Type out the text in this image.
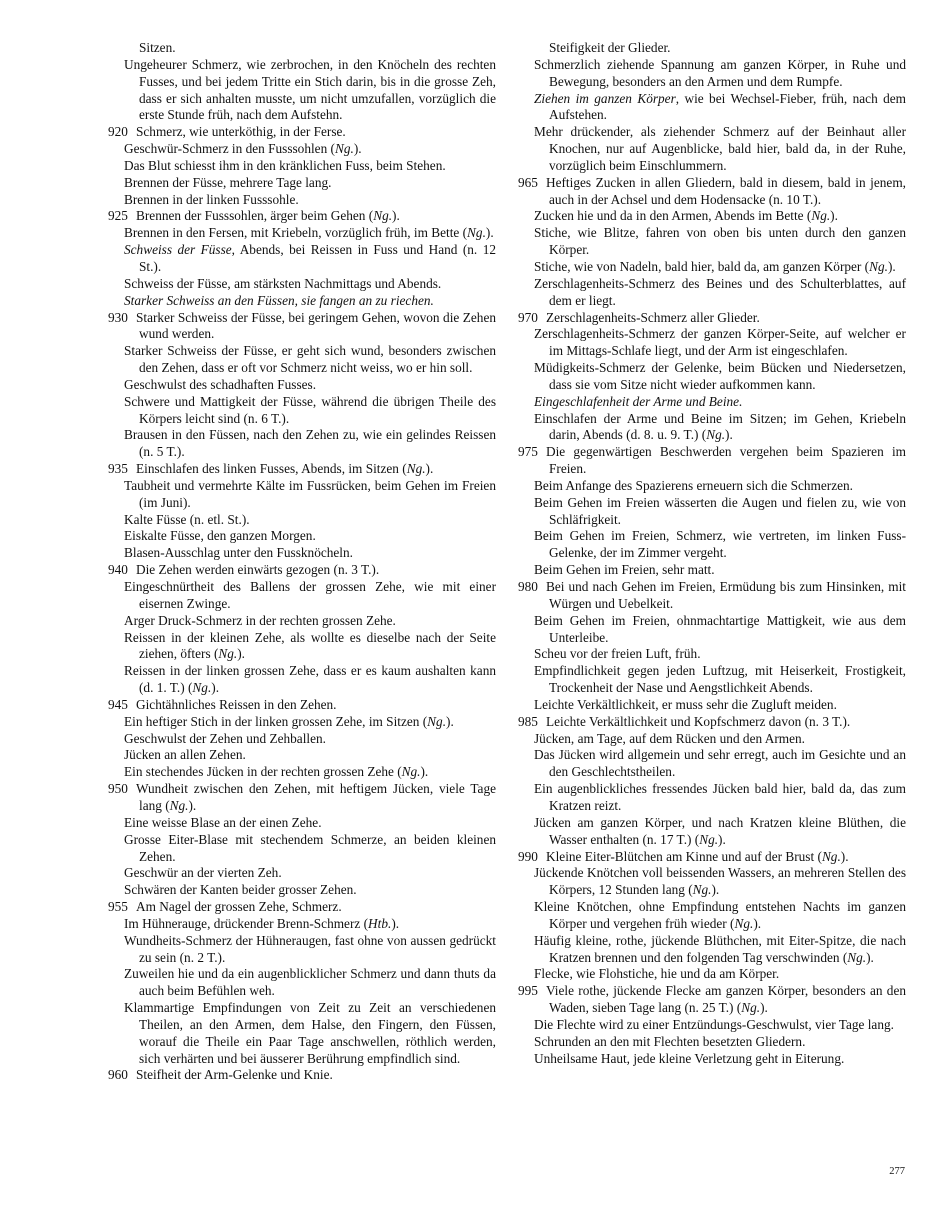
Sitzen.
Ungeheurer Schmerz, wie zerbrochen, in den Knöcheln des rechten Fusses, und bei jedem Tritte ein Stich darin, bis in die grosse Zeh, dass er sich anhalten musste, um nicht umzufallen, vorzüglich die erste Stunde früh, nach dem Aufstehn.
920 Schmerz, wie unterköthig, in der Ferse.
Geschwür-Schmerz in den Fusssohlen (Ng.).
Das Blut schiesst ihm in den kränklichen Fuss, beim Stehen.
Brennen der Füsse, mehrere Tage lang.
Brennen in der linken Fusssohle.
925 Brennen der Fusssohlen, ärger beim Gehen (Ng.).
Brennen in den Fersen, mit Kriebeln, vorzüglich früh, im Bette (Ng.).
Schweiss der Füsse, Abends, bei Reissen in Fuss und Hand (n. 12 St.).
Schweiss der Füsse, am stärksten Nachmittags und Abends.
Starker Schweiss an den Füssen, sie fangen an zu riechen.
930 Starker Schweiss der Füsse, bei geringem Gehen, wovon die Zehen wund werden.
Starker Schweiss der Füsse, er geht sich wund, besonders zwischen den Zehen, dass er oft vor Schmerz nicht weiss, wo er hin soll.
Geschwulst des schadhaften Fusses.
Schwere und Mattigkeit der Füsse, während die übrigen Theile des Körpers leicht sind (n. 6 T.).
Brausen in den Füssen, nach den Zehen zu, wie ein gelindes Reissen (n. 5 T.).
935 Einschlafen des linken Fusses, Abends, im Sitzen (Ng.).
Taubheit und vermehrte Kälte im Fussrücken, beim Gehen im Freien (im Juni).
Kalte Füsse (n. etl. St.).
Eiskalte Füsse, den ganzen Morgen.
Blasen-Ausschlag unter den Fussknöcheln.
940 Die Zehen werden einwärts gezogen (n. 3 T.).
Eingeschnürtheit des Ballens der grossen Zehe, wie mit einer eisernen Zwinge.
Arger Druck-Schmerz in der rechten grossen Zehe.
Reissen in der kleinen Zehe, als wollte es dieselbe nach der Seite ziehen, öfters (Ng.).
Reissen in der linken grossen Zehe, dass er es kaum aushalten kann (d. 1. T.) (Ng.).
945 Gichtähnliches Reissen in den Zehen.
Ein heftiger Stich in der linken grossen Zehe, im Sitzen (Ng.).
Geschwulst der Zehen und Zehballen.
Jücken an allen Zehen.
Ein stechendes Jücken in der rechten grossen Zehe (Ng.).
950 Wundheit zwischen den Zehen, mit heftigem Jücken, viele Tage lang (Ng.).
Eine weisse Blase an der einen Zehe.
Grosse Eiter-Blase mit stechendem Schmerze, an beiden kleinen Zehen.
Geschwür an der vierten Zeh.
Schwären der Kanten beider grosser Zehen.
955 Am Nagel der grossen Zehe, Schmerz.
Im Hühnerauge, drückender Brenn-Schmerz (Htb.).
Wundheits-Schmerz der Hühneraugen, fast ohne von aussen gedrückt zu sein (n. 2 T.).
Zuweilen hie und da ein augenblicklicher Schmerz und dann thuts da auch beim Befühlen weh.
Klammartige Empfindungen von Zeit zu Zeit an verschiedenen Theilen, an den Armen, dem Halse, den Fingern, den Füssen, worauf die Theile ein Paar Tage anschwellen, röthlich werden, sich verhärten und bei äusserer Berührung empfindlich sind.
960 Steifheit der Arm-Gelenke und Knie.
Steifigkeit der Glieder.
Schmerzlich ziehende Spannung am ganzen Körper, in Ruhe und Bewegung, besonders an den Armen und dem Rumpfe.
Ziehen im ganzen Körper, wie bei Wechsel-Fieber, früh, nach dem Aufstehen.
Mehr drückender, als ziehender Schmerz auf der Beinhaut aller Knochen, nur auf Augenblicke, bald hier, bald da, in der Ruhe, vorzüglich beim Einschlummern.
965 Heftiges Zucken in allen Gliedern, bald in diesem, bald in jenem, auch in der Achsel und dem Hodensacke (n. 10 T.).
Zucken hie und da in den Armen, Abends im Bette (Ng.).
Stiche, wie Blitze, fahren von oben bis unten durch den ganzen Körper.
Stiche, wie von Nadeln, bald hier, bald da, am ganzen Körper (Ng.).
Zerschlagenheits-Schmerz des Beines und des Schulterblattes, auf dem er liegt.
970 Zerschlagenheits-Schmerz aller Glieder.
Zerschlagenheits-Schmerz der ganzen Körper-Seite, auf welcher er im Mittags-Schlafe liegt, und der Arm ist eingeschlafen.
Müdigkeits-Schmerz der Gelenke, beim Bücken und Niedersetzen, dass sie vom Sitze nicht wieder aufkommen kann.
Eingeschlafenheit der Arme und Beine.
Einschlafen der Arme und Beine im Sitzen; im Gehen, Kriebeln darin, Abends (d. 8. u. 9. T.) (Ng.).
975 Die gegenwärtigen Beschwerden vergehen beim Spazieren im Freien.
Beim Anfange des Spazierens erneuern sich die Schmerzen.
Beim Gehen im Freien wässerten die Augen und fielen zu, wie von Schläfrigkeit.
Beim Gehen im Freien, Schmerz, wie vertreten, im linken Fuss-Gelenke, der im Zimmer vergeht.
Beim Gehen im Freien, sehr matt.
980 Bei und nach Gehen im Freien, Ermüdung bis zum Hinsinken, mit Würgen und Uebelkeit.
Beim Gehen im Freien, ohnmachtartige Mattigkeit, wie aus dem Unterleibe.
Scheu vor der freien Luft, früh.
Empfindlichkeit gegen jeden Luftzug, mit Heiserkeit, Frostigkeit, Trockenheit der Nase und Aengstlichkeit Abends.
Leichte Verkältlichkeit, er muss sehr die Zugluft meiden.
985 Leichte Verkältlichkeit und Kopfschmerz davon (n. 3 T.).
Jücken, am Tage, auf dem Rücken und den Armen.
Das Jücken wird allgemein und sehr erregt, auch im Gesichte und an den Geschlechtstheilen.
Ein augenblickliches fressendes Jücken bald hier, bald da, das zum Kratzen reizt.
Jücken am ganzen Körper, und nach Kratzen kleine Blüthen, die Wasser enthalten (n. 17 T.) (Ng.).
990 Kleine Eiter-Blütchen am Kinne und auf der Brust (Ng.).
Jückende Knötchen voll beissenden Wassers, an mehreren Stellen des Körpers, 12 Stunden lang (Ng.).
Kleine Knötchen, ohne Empfindung entstehen Nachts im ganzen Körper und vergehen früh wieder (Ng.).
Häufig kleine, rothe, jückende Blüthchen, mit Eiter-Spitze, die nach Kratzen brennen und den folgenden Tag verschwinden (Ng.).
Flecke, wie Flohstiche, hie und da am Körper.
995 Viele rothe, jückende Flecke am ganzen Körper, besonders an den Waden, sieben Tage lang (n. 25 T.) (Ng.).
Die Flechte wird zu einer Entzündungs-Geschwulst, vier Tage lang.
Schrunden an den mit Flechten besetzten Gliedern.
Unheilsame Haut, jede kleine Verletzung geht in Eiterung.
277
